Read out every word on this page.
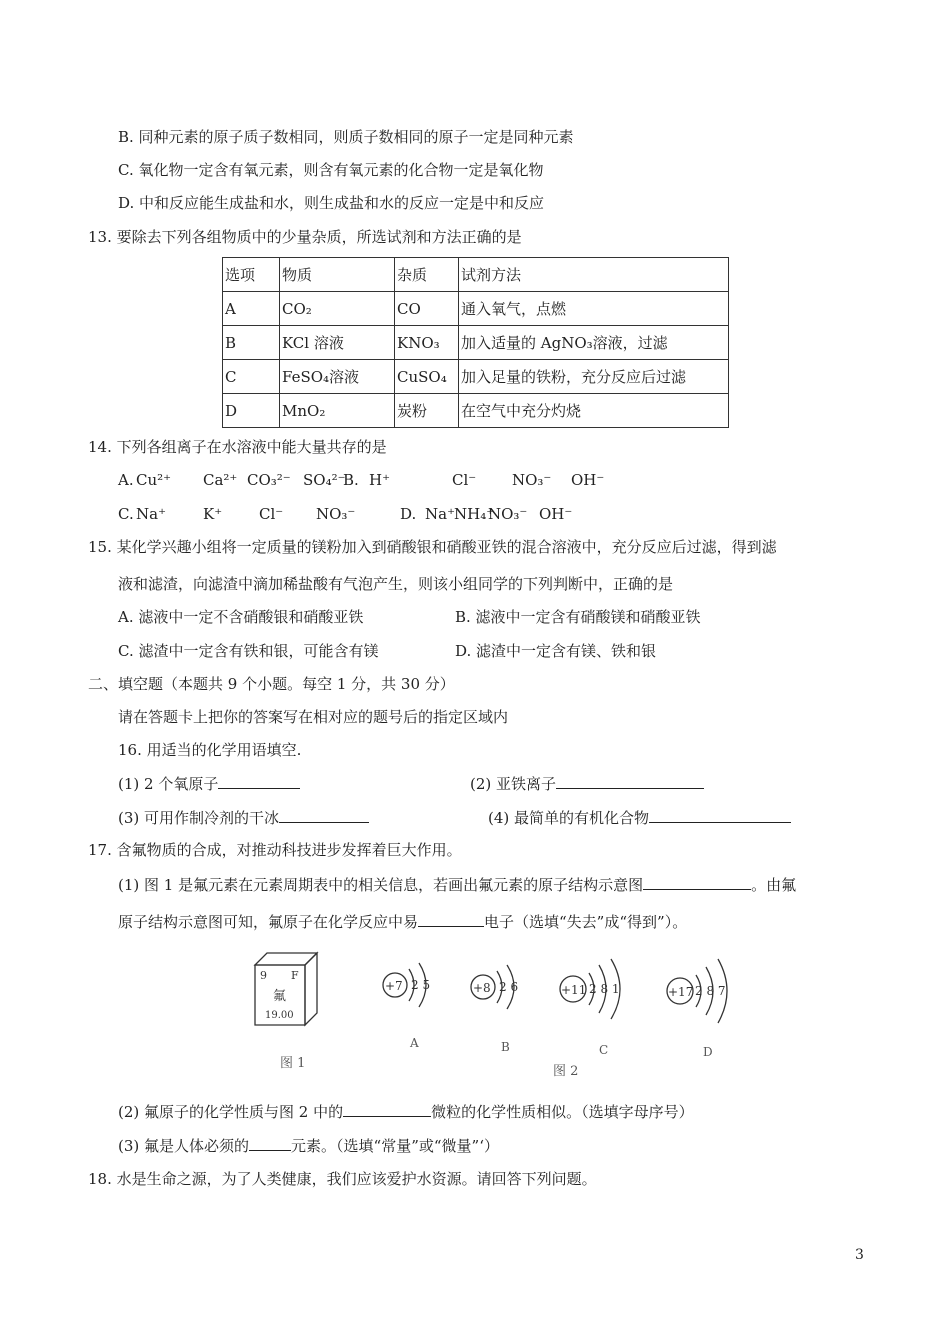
B. 同种元素的原子质子数相同，则质子数相同的原子一定是同种元素
C. 氧化物一定含有氧元素，则含有氧元素的化合物一定是氧化物
D. 中和反应能生成盐和水，则生成盐和水的反应一定是中和反应
13. 要除去下列各组物质中的少量杂质，所选试剂和方法正确的是
选项	物质	杂质	试剂方法
A	CO₂	CO	通入氧气，点燃
B	KCl 溶液	KNO₃	加入适量的 AgNO₃溶液，过滤
C	FeSO₄溶液	CuSO₄	加入足量的铁粉，充分反应后过滤
D	MnO₂	炭粉	在空气中充分灼烧
14. 下列各组离子在水溶液中能大量共存的是
A. Cu²⁺ Ca²⁺ CO₃²⁻ SO₄²⁻
B. H⁺	Cl⁻ NO₃⁻ OH⁻
C. Na⁺ K⁺ Cl⁻ NO₃⁻	D. Na⁺ NH₄⁺
NO₃⁻ OH⁻
15. 某化学兴趣小组将一定质量的镁粉加入到硝酸银和硝酸亚铁的混合溶液中，充分反应后过滤，得到滤
液和滤渣，向滤渣中滴加稀盐酸有气泡产生，则该小组同学的下列判断中，正确的是
A. 滤液中一定不含硝酸银和硝酸亚铁	B. 滤液中一定含有硝酸镁和硝酸亚铁
C. 滤渣中一定含有铁和银，可能含有镁	D. 滤渣中一定含有镁、铁和银
二、填空题（本题共 9 个小题。每空 1 分，共 30 分）
请在答题卡上把你的答案写在相对应的题号后的指定区域内
16. 用适当的化学用语填空.
(1) 2 个氧原子	(2) 亚铁离子
(3) 可用作制冷剂的干冰	(4) 最简单的有机化合物
17. 含氟物质的合成，对推动科技进步发挥着巨大作用。
(1) 图 1 是氟元素在元素周期表中的相关信息，若画出氟元素的原子结构示意图	。由氟
原子结构示意图可知，氟原子在化学反应中易	电子（选填“失去”成“得到”）。
9 F
氟
19.00
图 1
+7 2 5
A
+8 2 6
B
+11 2 8 1
C
图 2
+17 2 8 7
D
(2) 氟原子的化学性质与图 2 中的	微粒的化学性质相似。（选填字母序号）
(3) 氟是人体必须的	元素。（选填“常量”或“微量”‘）
18. 水是生命之源，为了人类健康，我们应该爱护水资源。请回答下列问题。
3
